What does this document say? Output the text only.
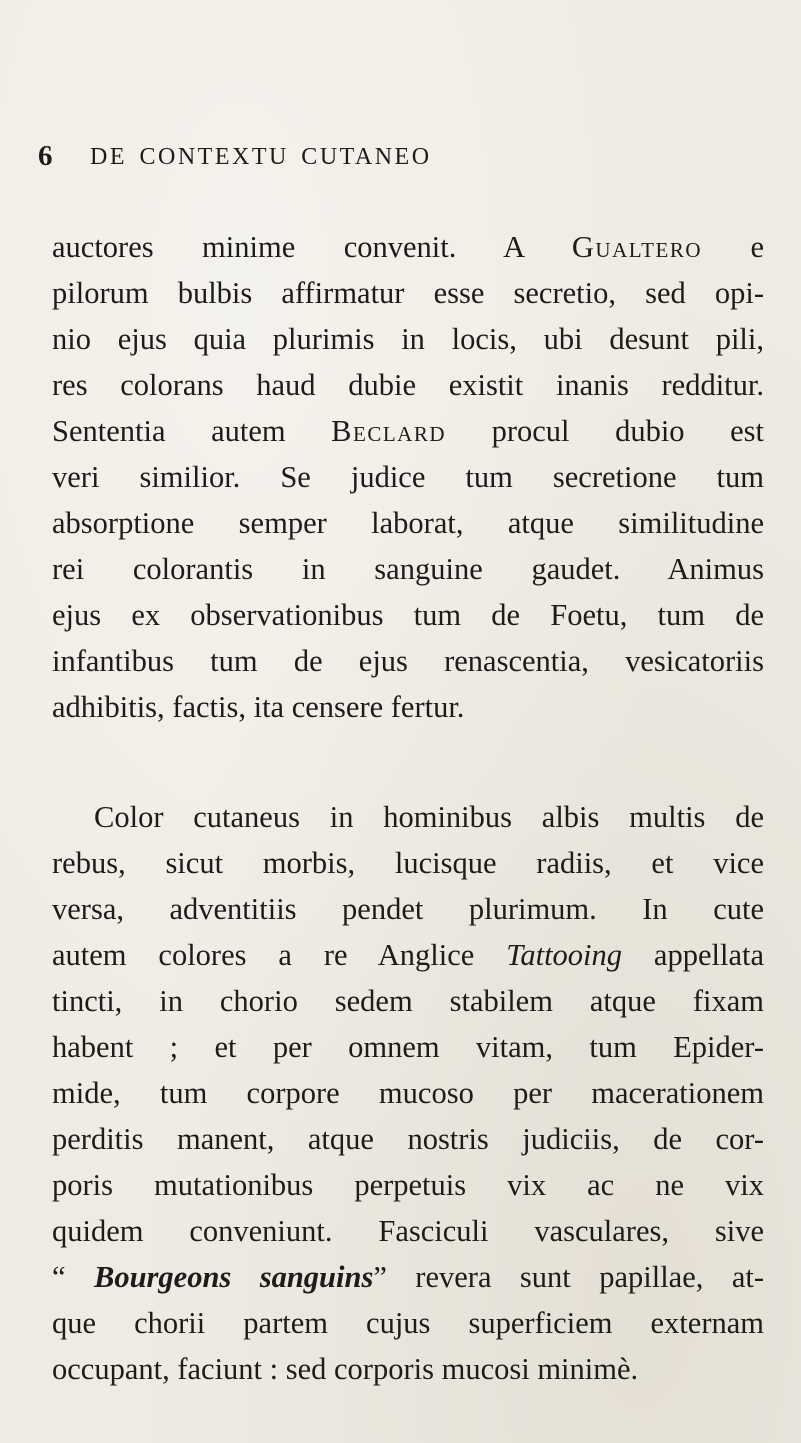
6 DE CONTEXTU CUTANEO
auctores minime convenit. A Gualtero e
pilorum bulbis affirmatur esse secretio, sed opi-
nio ejus quia plurimis in locis, ubi desunt pili,
res colorans haud dubie existit inanis redditur.
Sententia autem Beclard procul dubio est
veri similior. Se judice tum secretione tum
absorptione semper laborat, atque similitudine
rei colorantis in sanguine gaudet. Animus
ejus ex observationibus tum de Foetu, tum de
infantibus tum de ejus renascentia, vesicatoriis
adhibitis, factis, ita censere fertur.
Color cutaneus in hominibus albis multis de
rebus, sicut morbis, lucisque radiis, et vice
versa, adventitiis pendet plurimum. In cute
autem colores a re Anglice Tattooing appellata
tincti, in chorio sedem stabilem atque fixam
habent ; et per omnem vitam, tum Epider-
mide, tum corpore mucoso per macerationem
perditis manent, atque nostris judiciis, de cor-
poris mutationibus perpetuis vix ac ne vix
quidem conveniunt. Fasciculi vasculares, sive
“ Bourgeons sanguins” revera sunt papillae, at-
que chorii partem cujus superficiem externam
occupant, faciunt : sed corporis mucosi minimè.
